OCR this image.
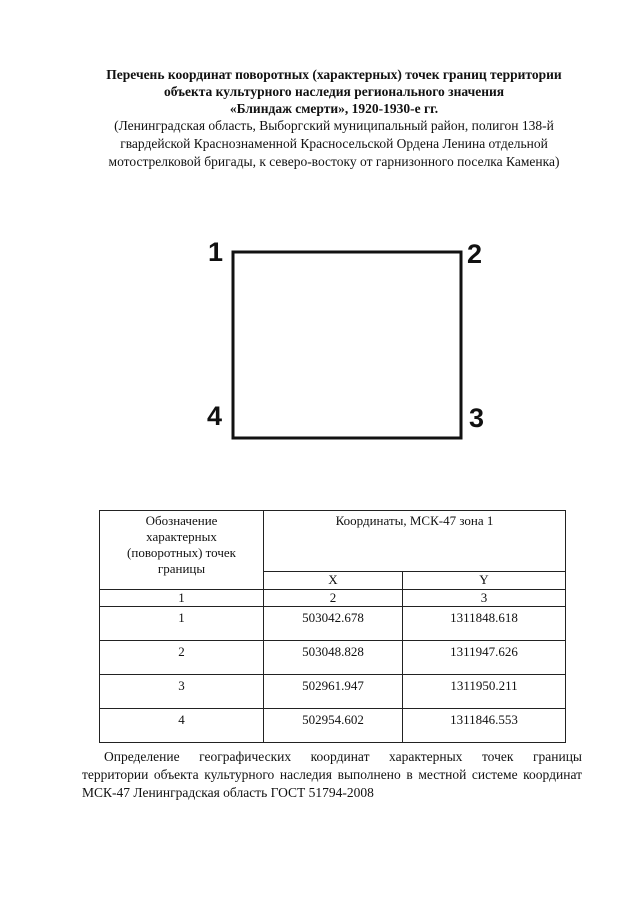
Перечень координат поворотных (характерных) точек границ территории
объекта культурного наследия регионального значения
«Блиндаж смерти», 1920-1930-е гг.
(Ленинградская область, Выборгский муниципальный район, полигон 138-й
гвардейской Краснознаменной Красносельской Ордена Ленина отдельной
мотострелковой бригады, к северо-востоку от гарнизонного поселка Каменка)
1	2
3
4
Обозначение
характерных
(поворотных) точек
границы	Координаты, МСК-47 зона 1	
	X	Y
1	2	3
1	503042.678	1311848.618
2	503048.828	1311947.626
3	502961.947	1311950.211
4	502954.602	1311846.553
Определение географических координат характерных точек границы
территории объекта культурного наследия выполнено в местной системе координат
МСК-47 Ленинградская область ГОСТ 51794-2008
